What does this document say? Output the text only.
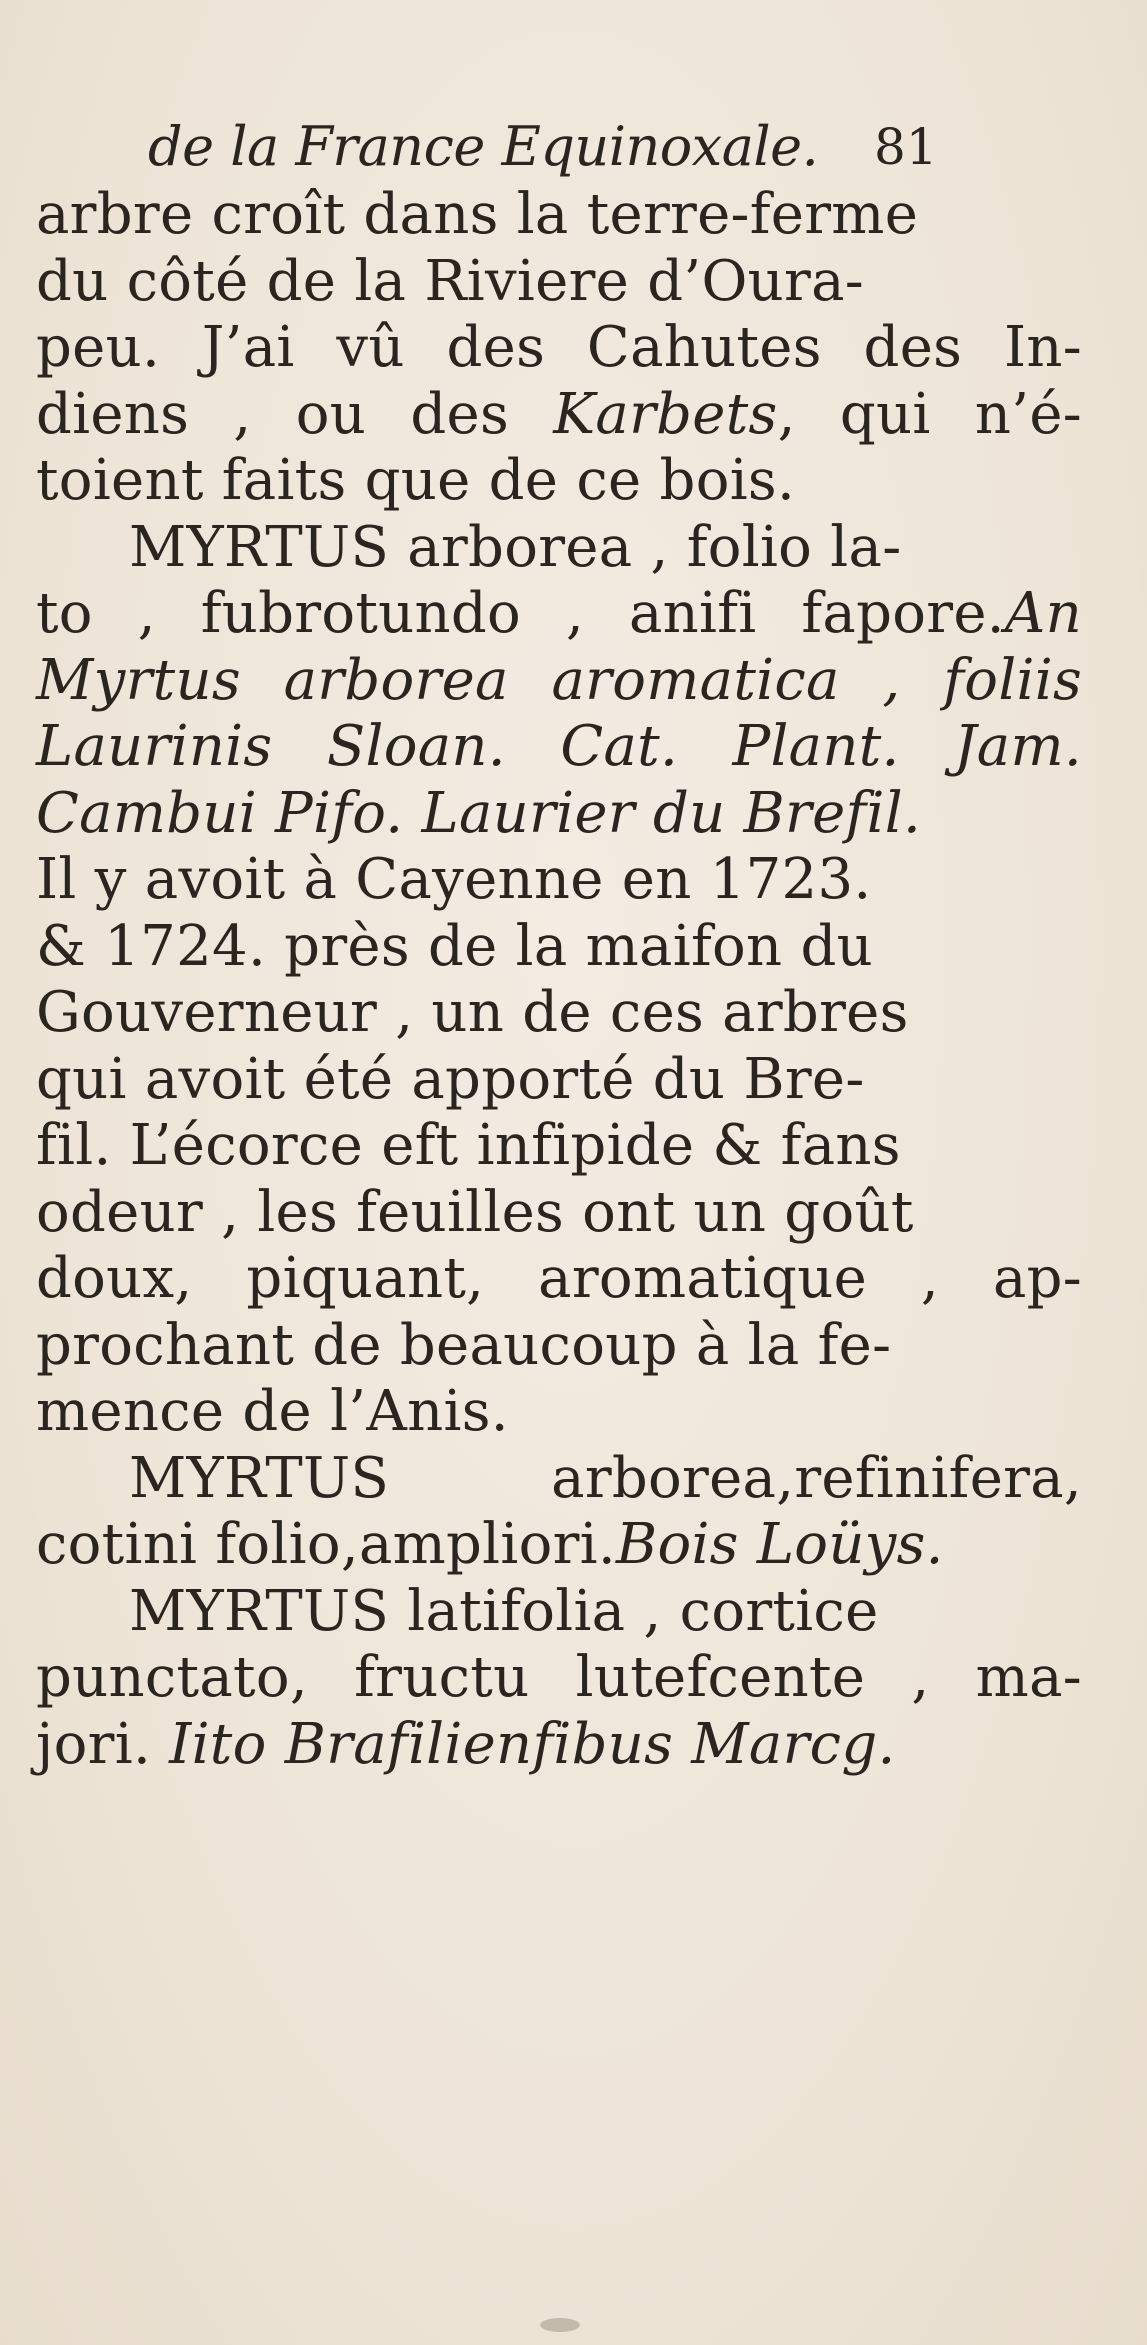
de la France Equinoxale. 81
arbre croît dans la terre-ferme
du côté de la Riviere d’Oura-
peu. J’ai vû des Cahutes des In-
diens , ou des Karbets, qui n’é-
toient faits que de ce bois.
MYRTUS arborea , folio la-
to , fubrotundo , anifi fapore.An
Myrtus arborea aromatica , foliis
Laurinis Sloan. Cat. Plant. Jam.
Cambui Pifo. Laurier du Brefil.
Il y avoit à Cayenne en 1723.
& 1724. près de la maifon du
Gouverneur , un de ces arbres
qui avoit été apporté du Bre-
fil. L’écorce eft infipide & fans
odeur , les feuilles ont un goût
doux, piquant, aromatique , ap-
prochant de beaucoup à la fe-
mence de l’Anis.
MYRTUS arborea,refinifera,
cotini folio,ampliori.Bois Loüys.
MYRTUS latifolia , cortice
punctato, fructu lutefcente , ma-
jori. Iito Brafilienfibus Marcg.
